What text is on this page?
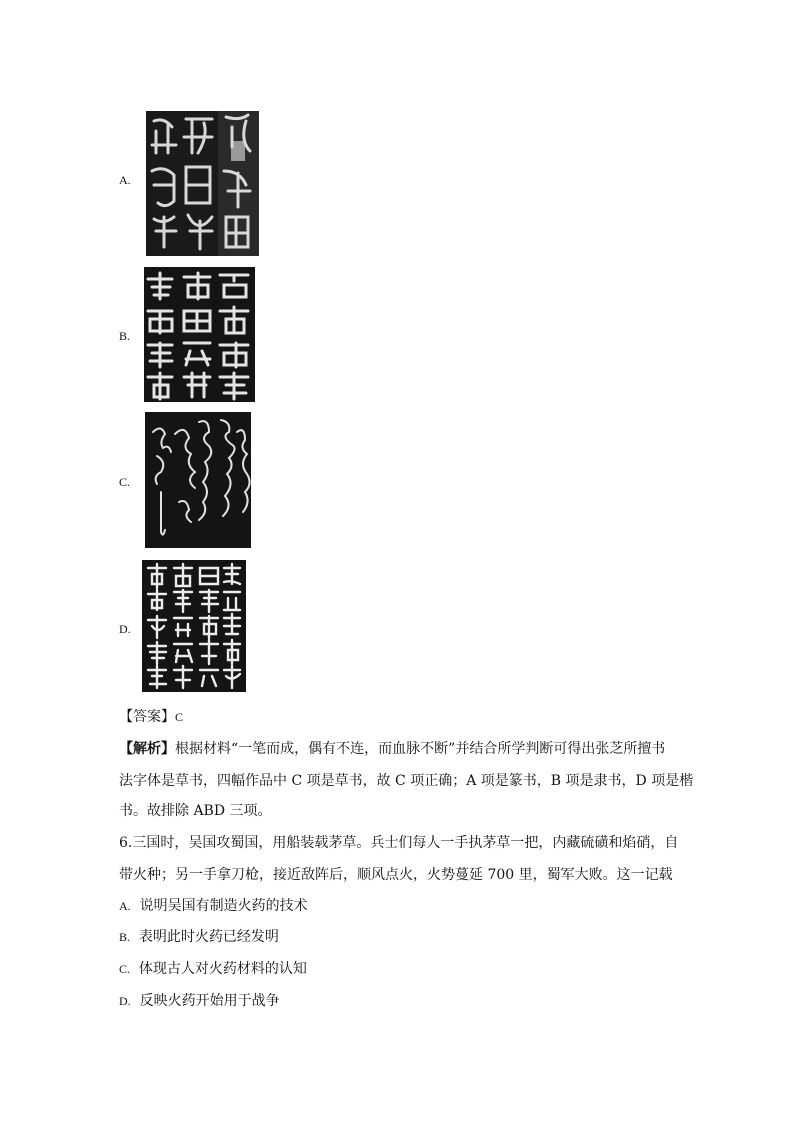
A.
B.
C.
D.
【答案】C
【解析】根据材料“一笔而成，偶有不连，而血脉不断”并结合所学判断可得出张芝所擅书
法字体是草书，四幅作品中 C 项是草书，故 C 项正确；A 项是篆书，B 项是隶书，D 项是楷
书。故排除 ABD 三项。
6.三国时，吴国攻蜀国，用船装载茅草。兵士们每人一手执茅草一把，内藏硫磺和焰硝，自
带火种；另一手拿刀枪，接近敌阵后，顺风点火，火势蔓延 700 里，蜀军大败。这一记载
A. 说明吴国有制造火药的技术
B. 表明此时火药已经发明
C. 体现古人对火药材料的认知
D. 反映火药开始用于战争
